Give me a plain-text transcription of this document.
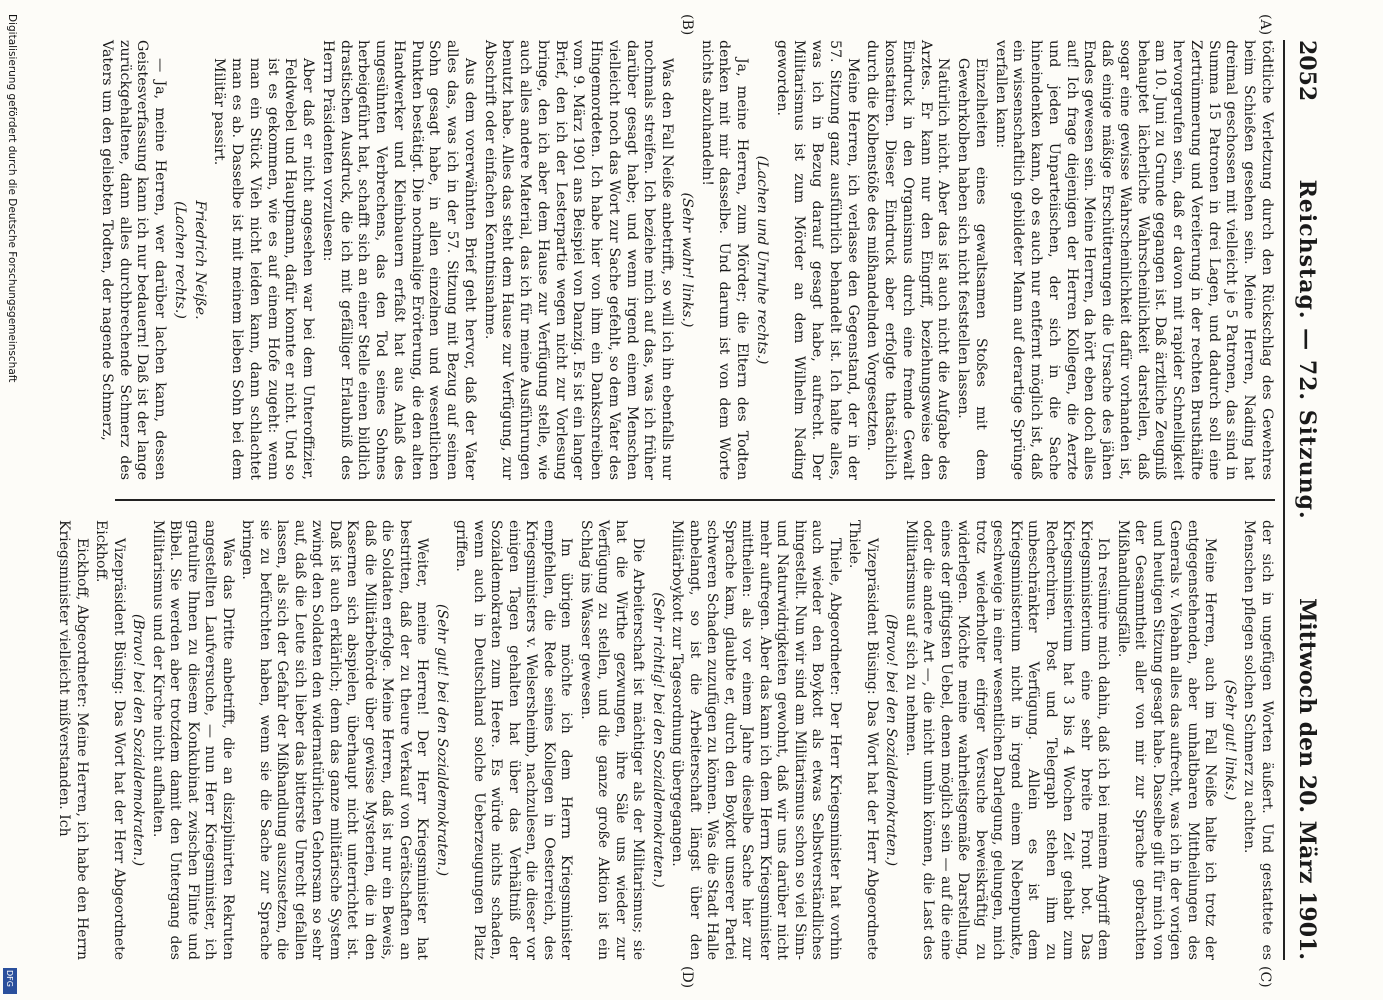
Digitalisierung gefördert durch die Deutsche Forschungsgemeinschaft
DFG
2052
Reichstag. — 72. Sitzung.
Mittwoch den 20. März 1901.
(A)
(B)
(C)
(D)

tödtliche Verletzung durch den Rückschlag des Gewehres beim Schießen gesehen sein. Meine Herren, Nading hat dreimal geschossen mit vielleicht je 5 Patronen, das sind in Summa 15 Patronen in drei Lagen, und dadurch soll eine Zertrümmerung und Vereiterung in der rechten Brusthälfte hervorgerufen sein, daß er davon mit rapider Schnelligkeit am 10. Juni zu Grunde gegangen ist. Daß ärztliche Zeugniß behauptet lächerliche Wahrscheinlichkeit darstellen, daß sogar eine gewisse Wahrscheinlichkeit dafür vorhanden ist, daß einige mäßige Erschütterungen die Ursache des jähen Endes gewesen sein. Meine Herren, da hört eben doch alles auf! Ich frage diejenigen der Herren Kollegen, die Aerzte und jeden Unparteiischen, der sich in die Sache hineindenken kann, ob es auch nur entfernt möglich ist, daß ein wissenschaftlich gebildeter Mann auf derartige Sprünge verfallen kann:

Einzelheiten eines gewaltsamen Stoßes mit dem Gewehrkolben haben sich nicht feststellen lassen.

Natürlich nicht. Aber das ist auch nicht die Aufgabe des Arztes. Er kann nur den Eingriff, beziehungsweise den Eindruck in den Organismus durch eine fremde Gewalt konstatiren. Dieser Eindruck aber erfolgte thatsächlich durch die Kolbenstöße des mißhandelnden Vorgesetzten.

Meine Herren, ich verlasse den Gegenstand, der in der 57. Sitzung ganz ausführlich behandelt ist. Ich halte alles, was ich in Bezug darauf gesagt habe, aufrecht. Der Militarismus ist zum Mörder an dem Wilhelm Nading geworden.

(Lachen und Unruhe rechts.)

Ja, meine Herren, zum Mörder; die Eltern des Todten denken mit mir dasselbe. Und darum ist von dem Worte nichts abzuhandeln!

(Sehr wahr! links.)

Was den Fall Neiße anbetrifft, so will ich ihn ebenfalls nur nochmals streifen. Ich beziehe mich auf das, was ich früher darüber gesagt habe; und wenn irgend einem Menschen vielleicht noch das Wort zur Sache gefehlt, so dem Vater des Hingemordeten. Ich habe hier von ihm ein Dankschreiben vom 9. März 1901 ans Beispiel von Danzig. Es ist ein langer Brief, den ich der Lesterpartie wegen nicht zur Vorlesung bringe, den ich aber dem Hause zur Verfügung stelle, wie auch alles andere Material, das ich für meine Ausführungen benutzt habe. Alles das steht dem Hause zur Verfügung, zur Abschrift oder einfachen Kenntnisnahme.

Aus dem vorerwähnten Brief geht hervor, daß der Vater alles das, was ich in der 57. Sitzung mit Bezug auf seinen Sohn gesagt habe, in allen einzelnen und wesentlichen Punkten bestätigt. Die nochmalige Erörterung, die den alten Handwerker und Kleinbauern erfaßt hat aus Anlaß des ungesühnten Verbrechens, das den Tod seines Sohnes herbeigeführt hat, schafft sich an einer Stelle einen bildlich drastischen Ausdruck, die ich mit gefälliger Erlaubniß des Herrn Präsidenten vorzulesen:

Aber daß er nicht angesehen war bei dem Unteroffizier, Feldwebel und Hauptmann, dafür konnte er nicht. Und so ist es gekommen, wie es auf einem Hofe zugeht: wenn man ein Stück Vieh nicht leiden kann, dann schlachtet man es ab. Dasselbe ist mit meinem lieben Sohn bei dem Militär passirt.

Friedrich Neiße.

(Lachen rechts.)

— Ja, meine Herren, wer darüber lachen kann, dessen Geistesverfassung kann ich nur bedauern! Daß ist der lange zurückgehaltene, dann alles durchbrechende Schmerz des Vaters um den geliebten Todten, der nagende Schmerz,

der sich in ungefügen Worten äußert. Und gestattete es Menschen pflegen solchen Schmerz zu achten.

(Sehr gut! links.)

Meine Herren, auch im Fall Neiße halte ich trotz der entgegenstehenden, aber unhaltbaren Mittheilungen des Generals v. Viebahn alles das aufrecht, was ich in der vorigen und heutigen Sitzung gesagt habe. Dasselbe gilt für mich von der Gesammtheit aller von mir zur Sprache gebrachten Mißhandlungsfälle.

Ich resümire mich dahin, daß ich bei meinem Angriff dem Kriegsministerium eine sehr breite Front bot. Das Kriegsministerium hat 3 bis 4 Wochen Zeit gehabt zum Recherchiren. Post und Telegraph stehen ihm zu unbeschränkter Verfügung. Allein es ist dem Kriegsministerium nicht in irgend einem Nebenpunkte, geschweige in einer wesentlichen Darlegung, gelungen, mich trotz wiederholter eifriger Versuche beweiskräftig zu widerlegen. Möchte meine wahrheitsgemäße Darstellung, eines der giftigsten Uebel, denen möglich sein — auf die eine oder die andere Art —, die nicht umhin können, die Last des Militarismus auf sich zu nehmen.

(Bravo! bei den Sozialdemokraten.)

Vizepräsident Büsing: Das Wort hat der Herr Abgeordnete Thiele.

Thiele, Abgeordneter: Der Herr Kriegsminister hat vorhin auch wieder den Boykott als etwas Selbstverständliches hingestellt. Nun wir sind am Militarismus schon so viel Sinn- und Naturwidrigkeiten gewohnt, daß wir uns darüber nicht mehr aufregen. Aber das kann ich dem Herrn Kriegsminister mittheilen: als vor einem Jahre dieselbe Sache hier zur Sprache kam, glaubte er, durch den Boykott unserer Partei schweren Schaden zuzufügen zu können. Was die Stadt Halle anbelangt, so ist die Arbeiterschaft längst über den Militärboykott zur Tagesordnung übergegangen.

(Sehr richtig! bei den Sozialdemokraten.)

Die Arbeiterschaft ist mächtiger als der Militarismus; sie hat die Wirthe gezwungen, ihre Säle uns wieder zur Verfügung zu stellen, und die ganze große Aktion ist ein Schlag ins Wasser gewesen.

Im übrigen möchte ich dem Herrn Kriegsminister empfehlen, die Rede seines Kollegen in Oesterreich, des Kriegsministers v. Welsersheimb, nachzulesen, die dieser vor einigen Tagen gehalten hat über das Verhältniß der Sozialdemokraten zum Heere. Es würde nichts schaden, wenn auch in Deutschland solche Ueberzeugungen Platz griffen.

(Sehr gut! bei den Sozialdemokraten.)

Weiter, meine Herren! Der Herr Kriegsminister hat bestritten, daß der zu theure Verkauf von Gerätschaften an die Soldaten erfolge. Meine Herren, daß ist nur ein Beweis, daß die Militärbehörde über gewisse Mysterien, die in den Kasernen sich abspielen, überhaupt nicht unterrichtet ist. Daß ist auch erklärlich; denn das ganze militärische System zwingt den Soldaten den widernatürlichen Gehorsam so sehr auf, daß die Leute sich lieber das bitterste Unrecht gefallen lassen, als sich der Gefahr der Mißhandlung auszusetzen, die sie zu befürchten haben, wenn sie die Sache zur Sprache bringen.

Was das Dritte anbetrifft, die an disziplinirten Rekruten angestellten Laufversuche, — nun Herr Kriegsminister, ich gratulire Ihnen zu diesem Konkubinat zwischen Flinte und Bibel. Sie werden aber trotzdem damit den Untergang des Militarismus und der Kirche nicht aufhalten.

(Bravo! bei den Sozialdemokraten.)

Vizepräsident Büsing: Das Wort hat der Herr Abgeordnete Eickhoff.

Eickhoff, Abgeordneter: Meine Herren, ich habe den Herrn Kriegsminister vielleicht mißverstanden. Ich
